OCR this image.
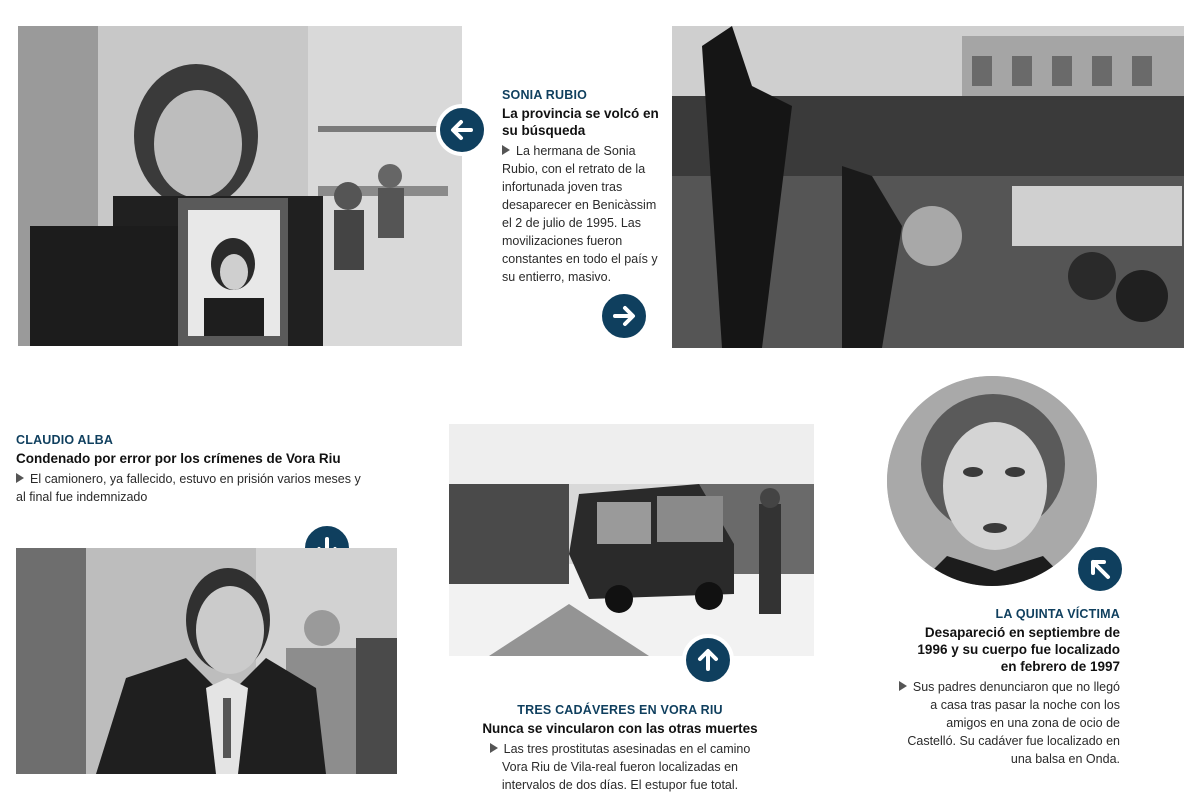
SONIA RUBIO

La provincia se volcó en su búsqueda

La hermana de Sonia Rubio, con el retrato de la infortunada joven tras desaparecer en Benicàssim el 2 de julio de 1995. Las movilizaciones fueron constantes en todo el país y su entierro, masivo.

CLAUDIO ALBA

Condenado por error por los crímenes de Vora Riu

El camionero, ya fallecido, estuvo en prisión varios meses y al final fue indemnizado

TRES CADÁVERES EN VORA RIU

Nunca se vincularon con las otras muertes

Las tres prostitutas asesinadas en el camino Vora Riu de Vila-real fueron localizadas en intervalos de dos días. El estupor fue total.

LA QUINTA VÍCTIMA

Desapareció en septiembre de 1996 y su cuerpo fue localizado en febrero de 1997

Sus padres denunciaron que no llegó a casa tras pasar la noche con los amigos en una zona de ocio de Castelló. Su cadáver fue localizado en una balsa en Onda.
